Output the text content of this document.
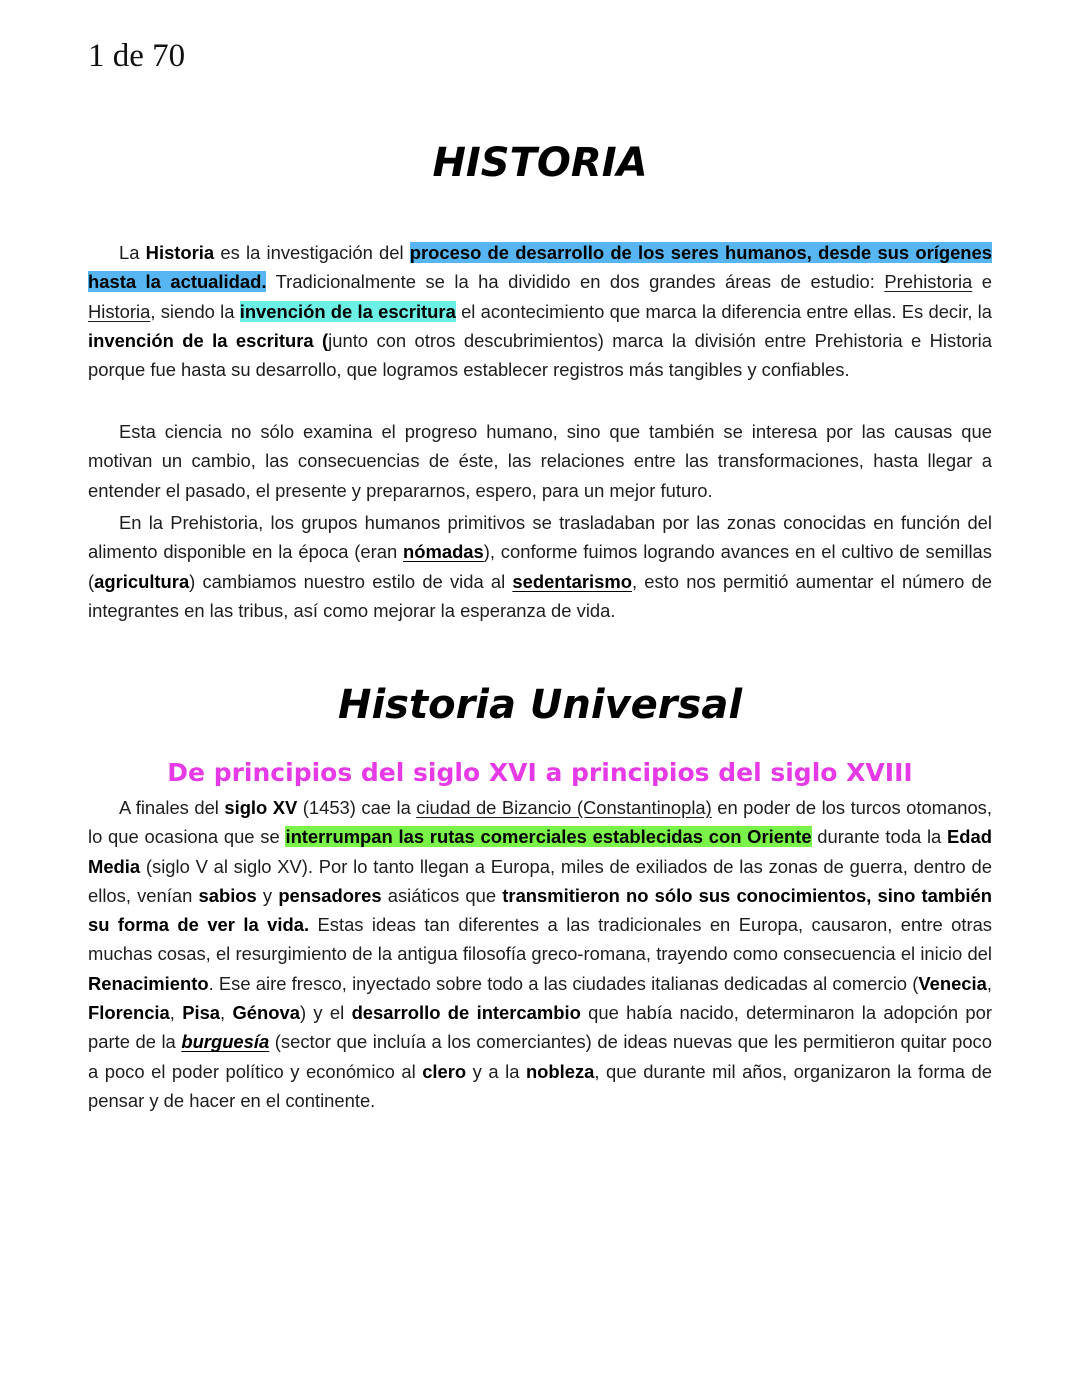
1 de 70
HISTORIA

La Historia es la investigación del proceso de desarrollo de los seres humanos, desde sus orígenes hasta la actualidad. Tradicionalmente se la ha dividido en dos grandes áreas de estudio: Prehistoria e Historia, siendo la invención de la escritura el acontecimiento que marca la diferencia entre ellas. Es decir, la invención de la escritura (junto con otros descubrimientos) marca la división entre Prehistoria e Historia porque fue hasta su desarrollo, que logramos establecer registros más tangibles y confiables.

Esta ciencia no sólo examina el progreso humano, sino que también se interesa por las causas que motivan un cambio, las consecuencias de éste, las relaciones entre las transformaciones, hasta llegar a entender el pasado, el presente y prepararnos, espero, para un mejor futuro.

En la Prehistoria, los grupos humanos primitivos se trasladaban por las zonas conocidas en función del alimento disponible en la época (eran nómadas), conforme fuimos logrando avances en el cultivo de semillas (agricultura) cambiamos nuestro estilo de vida al sedentarismo, esto nos permitió aumentar el número de integrantes en las tribus, así como mejorar la esperanza de vida.

Historia Universal
De principios del siglo XVI a principios del siglo XVIII

A finales del siglo XV (1453) cae la ciudad de Bizancio (Constantinopla) en poder de los turcos otomanos, lo que ocasiona que se interrumpan las rutas comerciales establecidas con Oriente durante toda la Edad Media (siglo V al siglo XV). Por lo tanto llegan a Europa, miles de exiliados de las zonas de guerra, dentro de ellos, venían sabios y pensadores asiáticos que transmitieron no sólo sus conocimientos, sino también su forma de ver la vida. Estas ideas tan diferentes a las tradicionales en Europa, causaron, entre otras muchas cosas, el resurgimiento de la antigua filosofía greco-romana, trayendo como consecuencia el inicio del Renacimiento. Ese aire fresco, inyectado sobre todo a las ciudades italianas dedicadas al comercio (Venecia, Florencia, Pisa, Génova) y el desarrollo de intercambio que había nacido, determinaron la adopción por parte de la burguesía (sector que incluía a los comerciantes) de ideas nuevas que les permitieron quitar poco a poco el poder político y económico al clero y a la nobleza, que durante mil años, organizaron la forma de pensar y de hacer en el continente.
